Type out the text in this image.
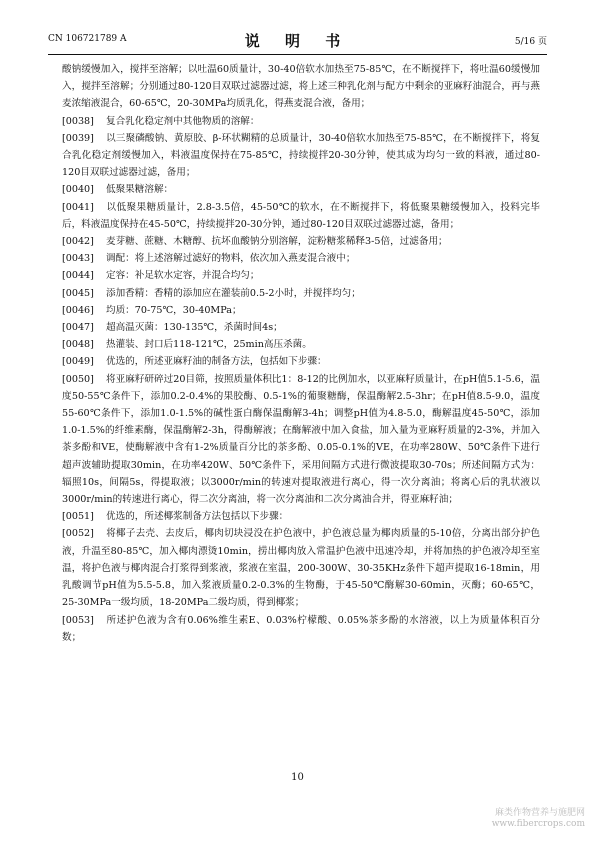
CN 106721789 A	说 明 书	5/16 页

酸钠缓慢加入，搅拌至溶解；以吐温60质量计，30-40倍软水加热至75-85℃，在不断搅拌下，将吐温60缓慢加入，搅拌至溶解；分别通过80-120目双联过滤器过滤，将上述三种乳化剂与配方中剩余的亚麻籽油混合，再与燕麦浓缩液混合，60-65℃，20-30MPa均质乳化，得燕麦混合液，备用；

[0038] 复合乳化稳定剂中其他物质的溶解：

[0039] 以三聚磷酸钠、黄原胶、β-环状糊精的总质量计，30-40倍软水加热至75-85℃，在不断搅拌下，将复合乳化稳定剂缓慢加入，料液温度保持在75-85℃，持续搅拌20-30分钟，使其成为均匀一致的料液，通过80-120目双联过滤器过滤，备用；

[0040] 低聚果糖溶解：

[0041] 以低聚果糖质量计，2.8-3.5倍，45-50℃的软水，在不断搅拌下，将低聚果糖缓慢加入，投料完毕后，料液温度保持在45-50℃，持续搅拌20-30分钟，通过80-120目双联过滤器过滤，备用；

[0042] 麦芽糖、蔗糖、木糖醇、抗坏血酸钠分别溶解，淀粉糖浆稀释3-5倍，过滤备用；

[0043] 调配：将上述溶解过滤好的物料，依次加入燕麦混合液中；

[0044] 定容：补足软水定容，并混合均匀；

[0045] 添加香精：香精的添加应在灌装前0.5-2小时，并搅拌均匀；

[0046] 均质：70-75℃，30-40MPa；

[0047] 超高温灭菌：130-135℃，杀菌时间4s；

[0048] 热灌装、封口后118-121℃，25min高压杀菌。

[0049] 优选的，所述亚麻籽油的制备方法，包括如下步骤：

[0050] 将亚麻籽研碎过20目筛，按照质量体积比1：8-12的比例加水，以亚麻籽质量计，在pH值5.1-5.6，温度50-55℃条件下，添加0.2-0.4%的果胶酶、0.5-1%的葡聚糖酶，保温酶解2.5-3hr；在pH值8.5-9.0，温度55-60℃条件下，添加1.0-1.5%的碱性蛋白酶保温酶解3-4h；调整pH值为4.8-5.0，酶解温度45-50℃，添加1.0-1.5%的纤维素酶，保温酶解2-3h，得酶解液；在酶解液中加入食盐，加入量为亚麻籽质量的2-3%，并加入茶多酚和VE，使酶解液中含有1-2%质量百分比的茶多酚、0.05-0.1%的VE，在功率280W、50℃条件下进行超声波辅助提取30min，在功率420W、50℃条件下，采用间隔方式进行微波提取30-70s；所述间隔方式为：辐照10s，间隔5s，得提取液；以3000r/min的转速对提取液进行离心，得一次分离油；将离心后的乳状液以3000r/min的转速进行离心，得二次分离油，将一次分离油和二次分离油合并，得亚麻籽油；

[0051] 优选的，所述椰浆制备方法包括以下步骤：

[0052] 将椰子去壳、去皮后，椰肉切块浸没在护色液中，护色液总量为椰肉质量的5-10倍，分离出部分护色液，升温至80-85℃，加入椰肉漂烫10min，捞出椰肉放入常温护色液中迅速冷却，并将加热的护色液冷却至室温，将护色液与椰肉混合打浆得到浆液，浆液在室温，200-300W、30-35KHz条件下超声提取16-18min，用乳酸调节pH值为5.5-5.8，加入浆液质量0.2-0.3%的生物酶，于45-50℃酶解30-60min，灭酶；60-65℃，25-30MPa一级均质，18-20MPa二级均质，得到椰浆；

[0053] 所述护色液为含有0.06%维生素E、0.03%柠檬酸、0.05%茶多酚的水溶液，以上为质量体积百分数；

10
麻类作物营养与施肥网
www.fibercrops.com
